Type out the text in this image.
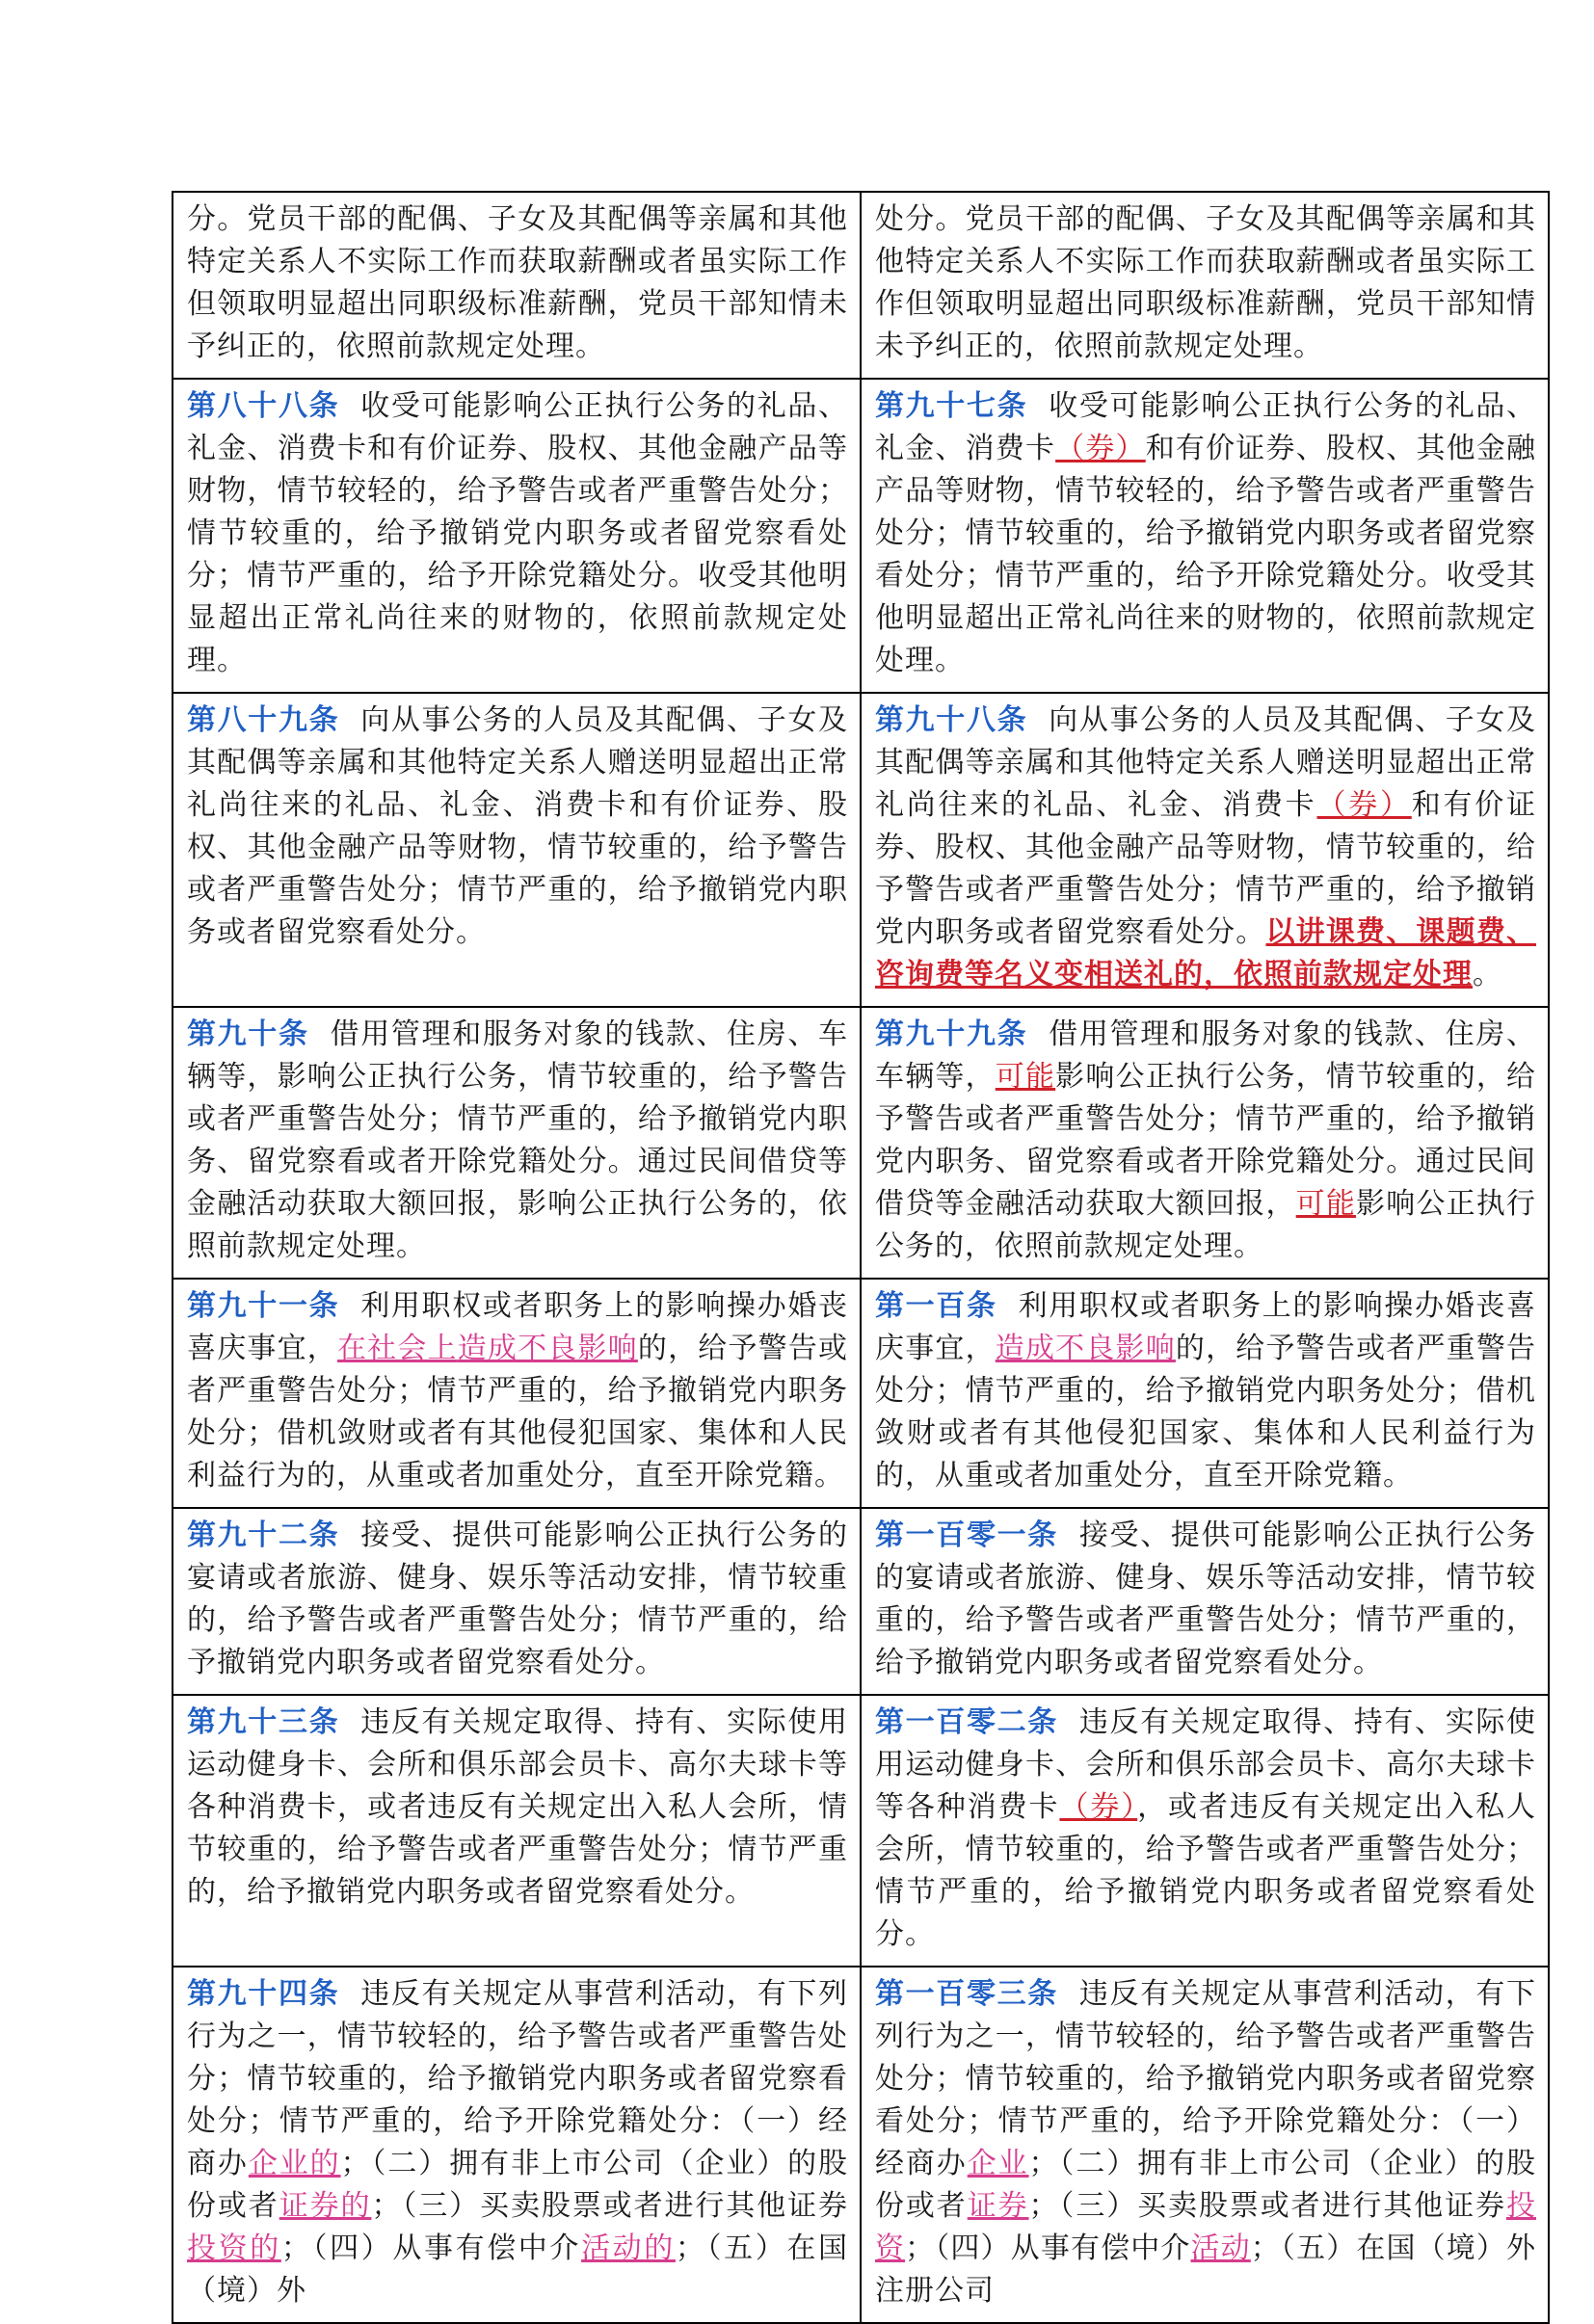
分。党员干部的配偶、子女及其配偶等亲属和其他特定关系人不实际工作而获取薪酬或者虽实际工作但领取明显超出同职级标准薪酬，党员干部知情未予纠正的，依照前款规定处理。	处分。党员干部的配偶、子女及其配偶等亲属和其他特定关系人不实际工作而获取薪酬或者虽实际工作但领取明显超出同职级标准薪酬，党员干部知情未予纠正的，依照前款规定处理。
第八十八条 收受可能影响公正执行公务的礼品、礼金、消费卡和有价证券、股权、其他金融产品等财物，情节较轻的，给予警告或者严重警告处分；情节较重的，给予撤销党内职务或者留党察看处分；情节严重的，给予开除党籍处分。收受其他明显超出正常礼尚往来的财物的，依照前款规定处理。	第九十七条 收受可能影响公正执行公务的礼品、礼金、消费卡（券）和有价证券、股权、其他金融产品等财物，情节较轻的，给予警告或者严重警告处分；情节较重的，给予撤销党内职务或者留党察看处分；情节严重的，给予开除党籍处分。收受其他明显超出正常礼尚往来的财物的，依照前款规定处理。
第八十九条 向从事公务的人员及其配偶、子女及其配偶等亲属和其他特定关系人赠送明显超出正常礼尚往来的礼品、礼金、消费卡和有价证券、股权、其他金融产品等财物，情节较重的，给予警告或者严重警告处分；情节严重的，给予撤销党内职务或者留党察看处分。	第九十八条 向从事公务的人员及其配偶、子女及其配偶等亲属和其他特定关系人赠送明显超出正常礼尚往来的礼品、礼金、消费卡（券）和有价证券、股权、其他金融产品等财物，情节较重的，给予警告或者严重警告处分；情节严重的，给予撤销党内职务或者留党察看处分。以讲课费、课题费、咨询费等名义变相送礼的，依照前款规定处理。
第九十条 借用管理和服务对象的钱款、住房、车辆等，影响公正执行公务，情节较重的，给予警告或者严重警告处分；情节严重的，给予撤销党内职务、留党察看或者开除党籍处分。通过民间借贷等金融活动获取大额回报，影响公正执行公务的，依照前款规定处理。	第九十九条 借用管理和服务对象的钱款、住房、车辆等，可能影响公正执行公务，情节较重的，给予警告或者严重警告处分；情节严重的，给予撤销党内职务、留党察看或者开除党籍处分。通过民间借贷等金融活动获取大额回报，可能影响公正执行公务的，依照前款规定处理。
第九十一条 利用职权或者职务上的影响操办婚丧喜庆事宜，在社会上造成不良影响的，给予警告或者严重警告处分；情节严重的，给予撤销党内职务处分；借机敛财或者有其他侵犯国家、集体和人民利益行为的，从重或者加重处分，直至开除党籍。	第一百条 利用职权或者职务上的影响操办婚丧喜庆事宜，造成不良影响的，给予警告或者严重警告处分；情节严重的，给予撤销党内职务处分；借机敛财或者有其他侵犯国家、集体和人民利益行为的，从重或者加重处分，直至开除党籍。
第九十二条 接受、提供可能影响公正执行公务的宴请或者旅游、健身、娱乐等活动安排，情节较重的，给予警告或者严重警告处分；情节严重的，给予撤销党内职务或者留党察看处分。	第一百零一条 接受、提供可能影响公正执行公务的宴请或者旅游、健身、娱乐等活动安排，情节较重的，给予警告或者严重警告处分；情节严重的，给予撤销党内职务或者留党察看处分。
第九十三条 违反有关规定取得、持有、实际使用运动健身卡、会所和俱乐部会员卡、高尔夫球卡等各种消费卡，或者违反有关规定出入私人会所，情节较重的，给予警告或者严重警告处分；情节严重的，给予撤销党内职务或者留党察看处分。	第一百零二条 违反有关规定取得、持有、实际使用运动健身卡、会所和俱乐部会员卡、高尔夫球卡等各种消费卡（券），或者违反有关规定出入私人会所，情节较重的，给予警告或者严重警告处分；情节严重的，给予撤销党内职务或者留党察看处分。
第九十四条 违反有关规定从事营利活动，有下列行为之一，情节较轻的，给予警告或者严重警告处分；情节较重的，给予撤销党内职务或者留党察看处分；情节严重的，给予开除党籍处分：（一）经商办企业的；（二）拥有非上市公司（企业）的股份或者证券的；（三）买卖股票或者进行其他证券投资的；（四）从事有偿中介活动的；（五）在国（境）外	第一百零三条 违反有关规定从事营利活动，有下列行为之一，情节较轻的，给予警告或者严重警告处分；情节较重的，给予撤销党内职务或者留党察看处分；情节严重的，给予开除党籍处分：（一）经商办企业；（二）拥有非上市公司（企业）的股份或者证券；（三）买卖股票或者进行其他证券投资；（四）从事有偿中介活动；（五）在国（境）外注册公司
